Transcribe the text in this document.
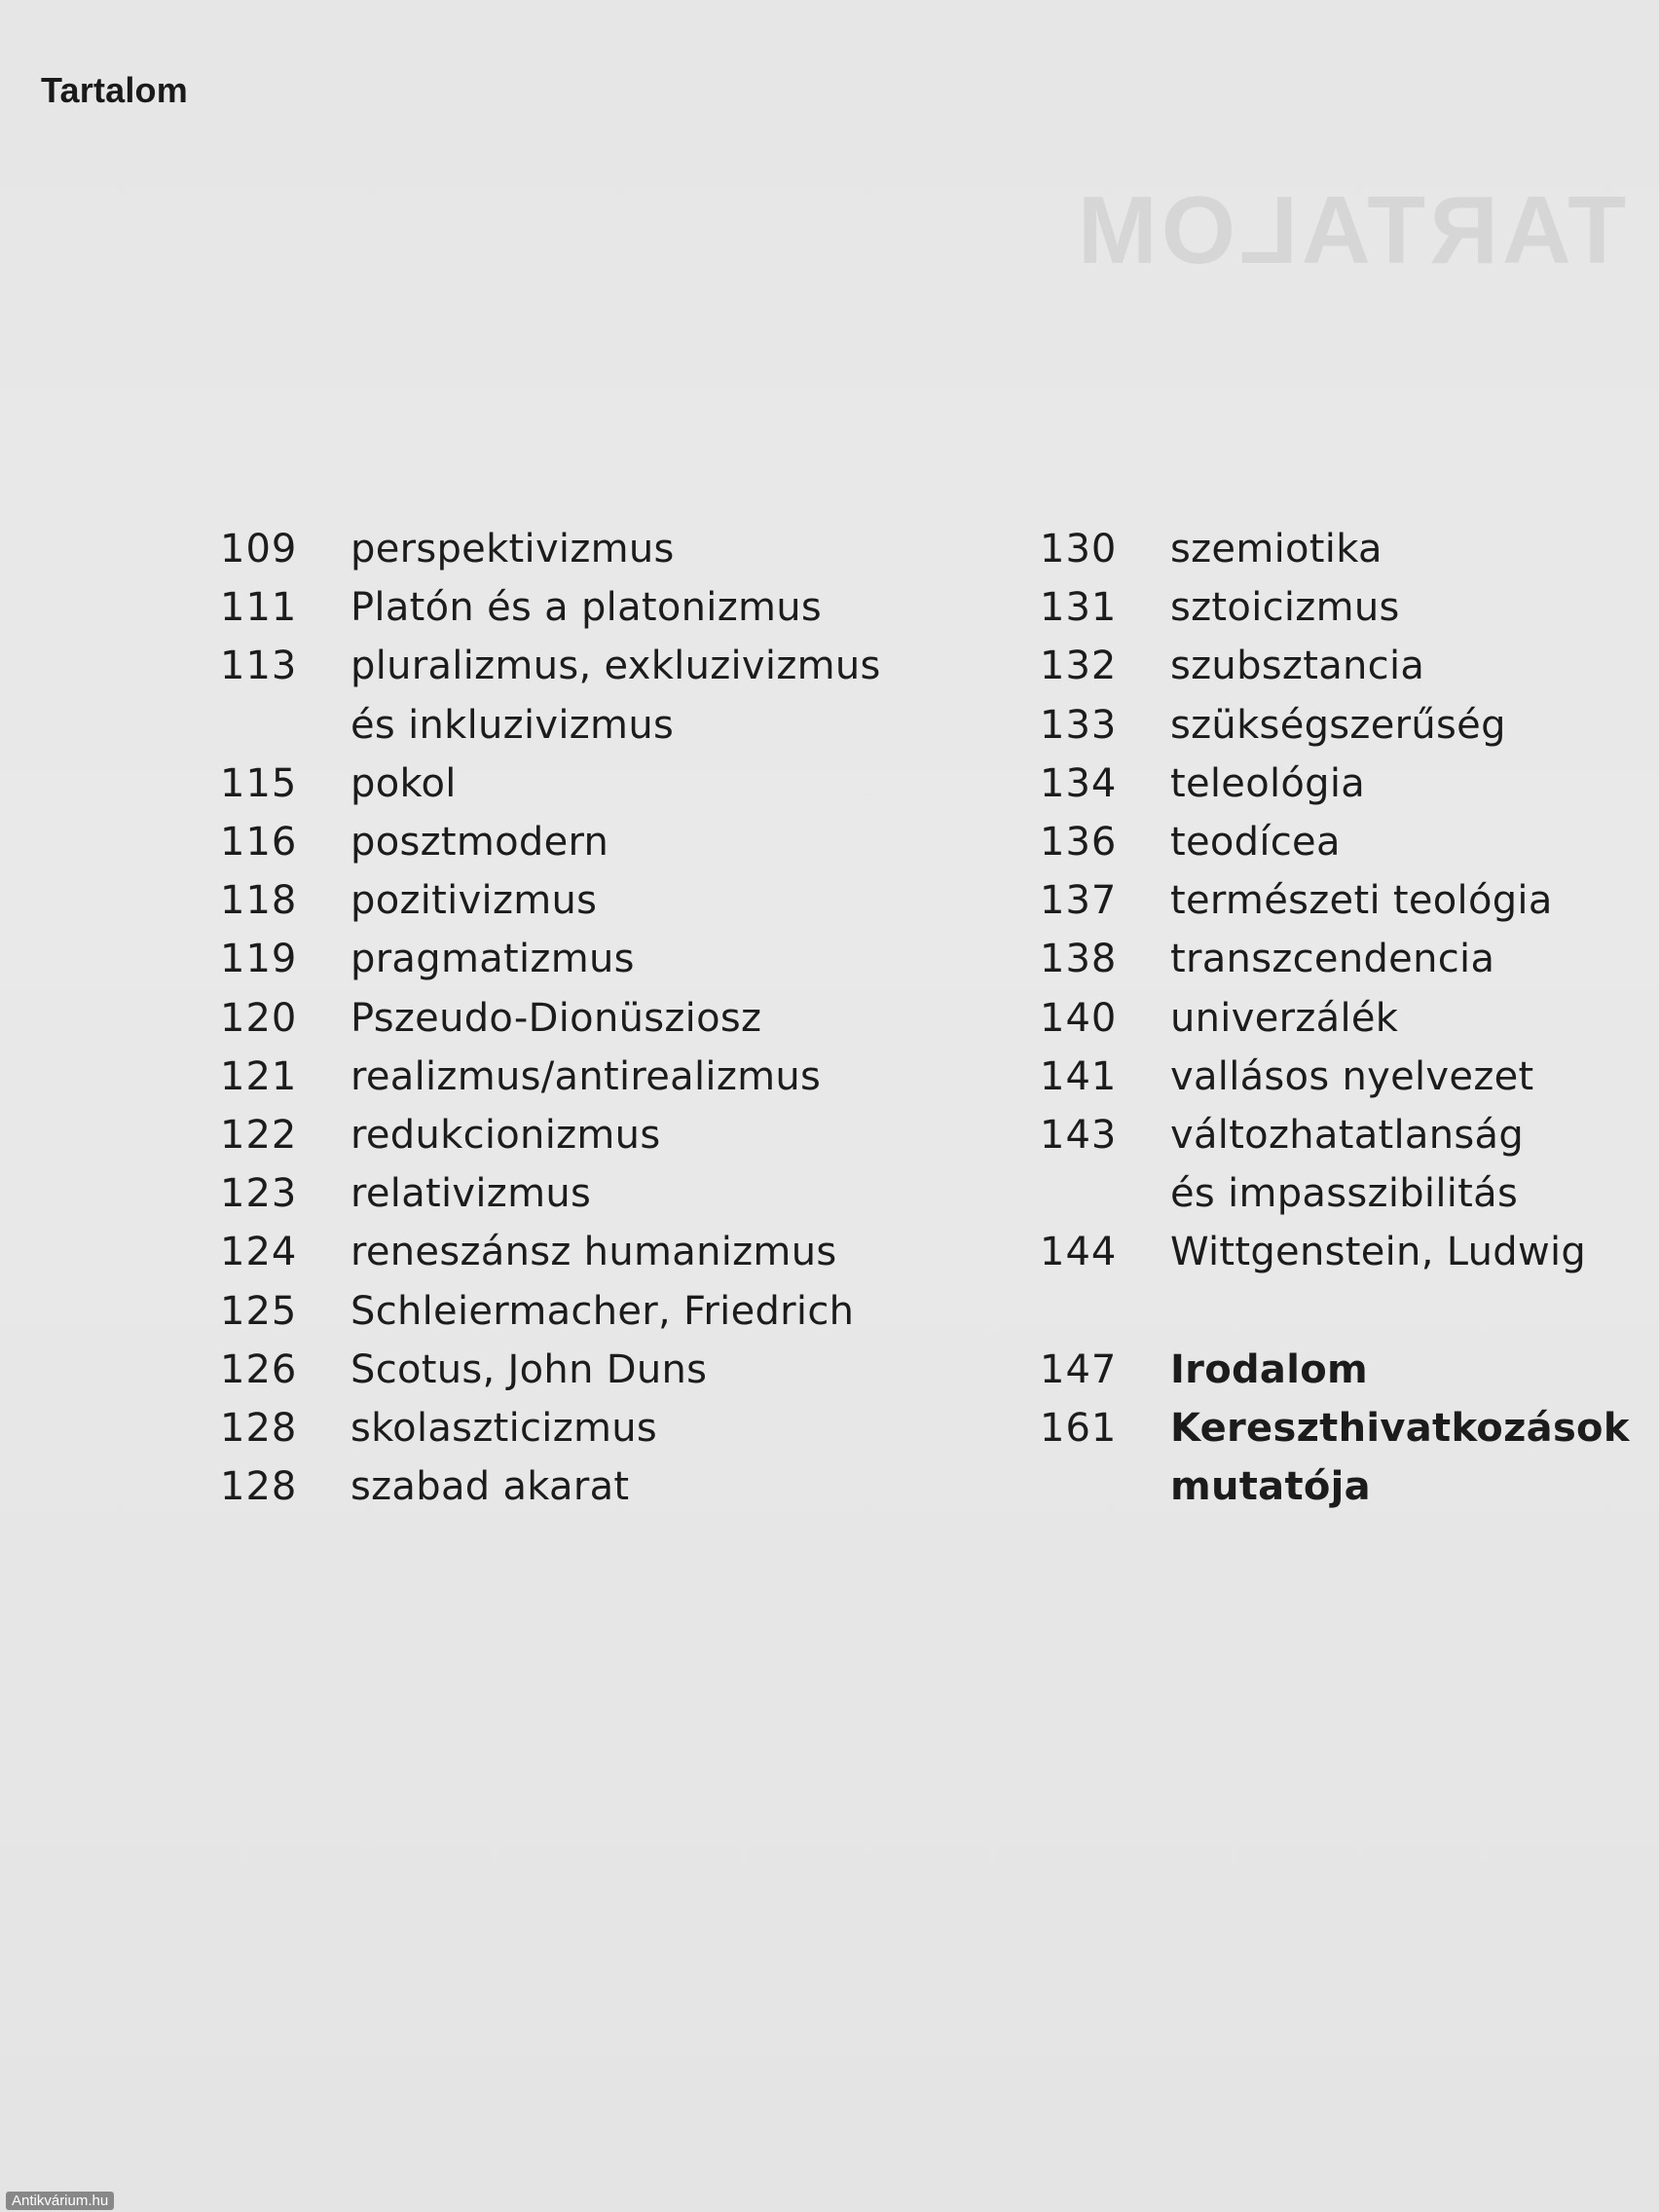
Tartalom
TARTALOM
109	perspektivizmus
111	Platón és a platonizmus
113	pluralizmus, exkluzivizmus
és inkluzivizmus
115	pokol
116	posztmodern
118	pozitivizmus
119	pragmatizmus
120	Pszeudo-Dionüsziosz
121	realizmus/antirealizmus
122	redukcionizmus
123	relativizmus
124	reneszánsz humanizmus
125	Schleiermacher, Friedrich
126	Scotus, John Duns
128	skolaszticizmus
128	szabad akarat
130	szemiotika
131	sztoicizmus
132	szubsztancia
133	szükségszerűség
134	teleológia
136	teodícea
137	természeti teológia
138	transzcendencia
140	univerzálék
141	vallásos nyelvezet
143	változhatatlanság
és impasszibilitás
144	Wittgenstein, Ludwig
147	Irodalom
161	Kereszthivatkozások
mutatója
Antikvárium.hu
